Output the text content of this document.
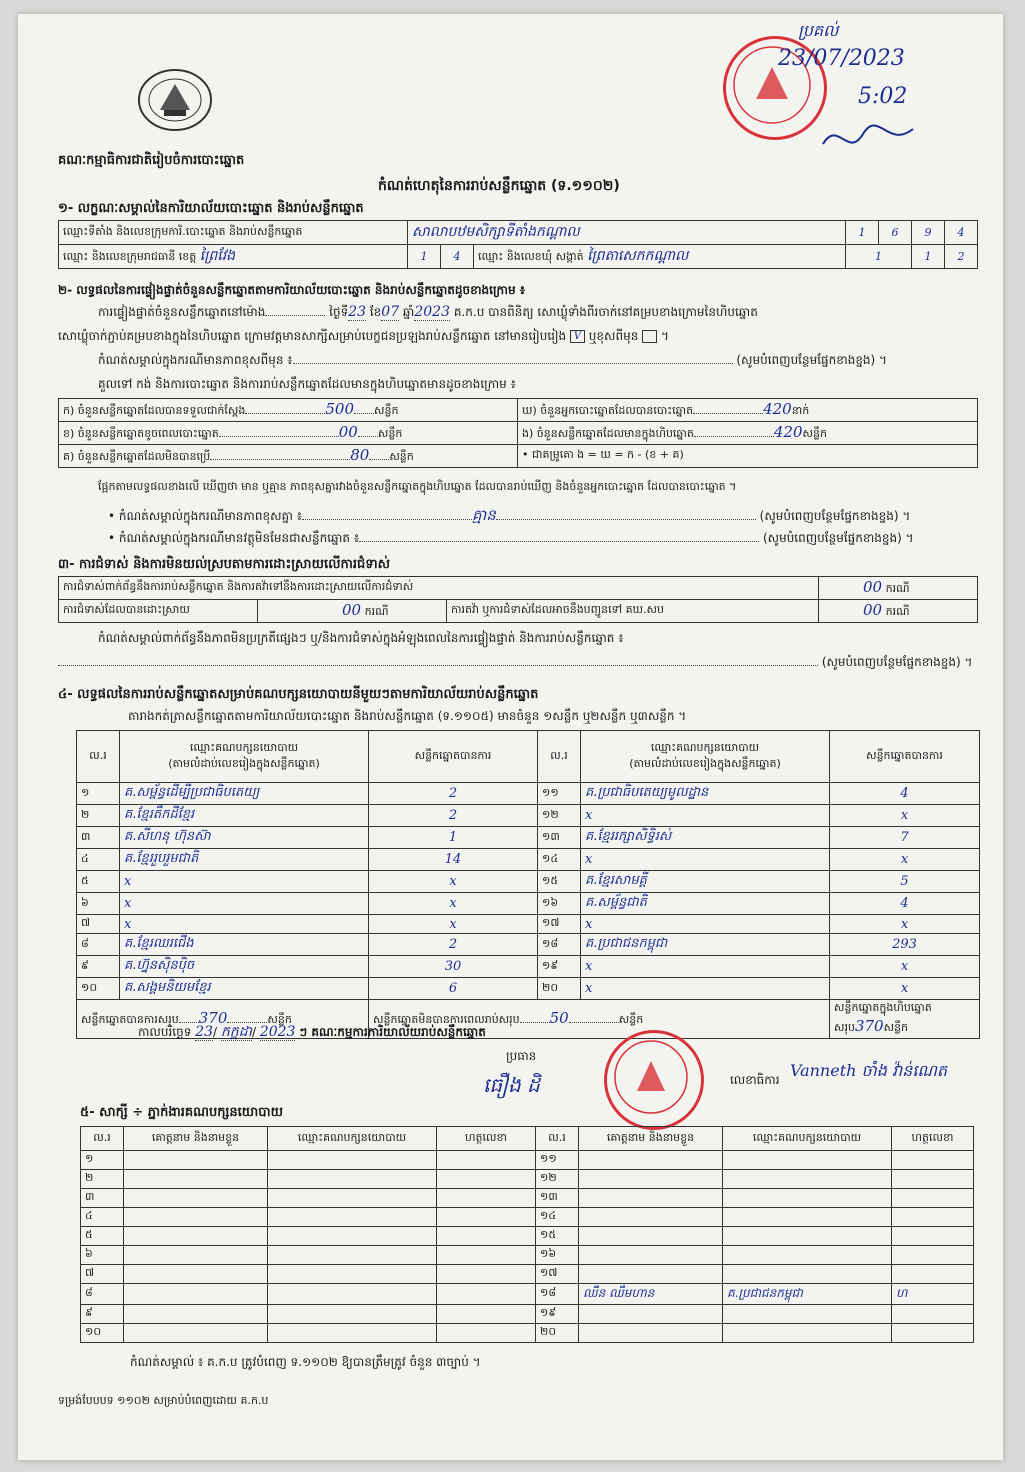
គណៈកម្មាធិការជាតិរៀបចំការបោះឆ្នោត
កំណត់ហេតុនៃការរាប់សន្លឹកឆ្នោត (ទ.១១០២)
ប្រគល់
23/07/2023
5:02
១- លក្ខណៈសម្គាល់នៃការិយាល័យបោះឆ្នោត និងរាប់សន្លឹកឆ្នោត
ឈ្មោះទីតាំង និងលេខក្រុមការិ.បោះឆ្នោត និងរាប់សន្លឹកឆ្នោត	សាលាបឋមសិក្សាទីតាំងកណ្តាល			1	6	9	4
ឈ្មោះ និងលេខក្រុមរាជធានី ខេត្ត ព្រៃវែង	1	4	ឈ្មោះ និងលេខឃុំ សង្កាត់ ព្រៃតាសេកកណ្តាល	1		1	2
២- លទ្ធផលនៃការផ្ទៀងផ្ទាត់ចំនួនសន្លឹកឆ្នោតតាមការិយាល័យបោះឆ្នោត និងរាប់សន្លឹកឆ្នោតដូចខាងក្រោម ៖
ការផ្ទៀងផ្ទាត់ចំនួនសន្លឹកឆ្នោតនៅម៉ោង	ថ្ងៃទី23 ខែ07 ឆ្នាំ2023 គ.ក.ប បានពិនិត្យ សោឃ្លុំទាំងពីរចាក់នៅគម្របខាងក្រោមនៃហិបឆ្នោត
សោឃ្លុំចាក់ភ្ជាប់គម្របខាងក្នុងនៃហិបឆ្នោត ក្រោមវត្តមានសាក្សីសម្រាប់បេក្ខជនប្រឡងរាប់សន្លឹកឆ្នោត នៅមានរៀបរៀង V ឬខុសពីមុន  ។
កំណត់សម្គាល់ក្នុងករណីមានភាពខុសពីមុន ៖	(សូមបំពេញបន្ថែមផ្នែកខាងខ្នង) ។
គួលទៅ កង់ និងការបោះឆ្នោត និងការរាប់សន្លឹកឆ្នោតដែលមានក្នុងហិបឆ្នោតមានដូចខាងក្រោម ៖
ក) ចំនួនសន្លឹកឆ្នោតដែលបានទទួលជាក់ស្តែង 500 សន្លឹក	ឃ) ចំនួនអ្នកបោះឆ្នោតដែលបានបោះឆ្នោត 420នាក់
ខ) ចំនួនសន្លឹកឆ្នោតខូចពេលបោះឆ្នោត 00 សន្លឹក	ង) ចំនួនសន្លឹកឆ្នោតដែលមានក្នុងហិបឆ្នោត 420សន្លឹក
គ) ចំនួនសន្លឹកឆ្នោតដែលមិនបានប្រើ 80 សន្លឹក	• ជាគម្រូគោ ង = ឃ = ក - (ខ + គ)
ផ្អែកតាមលទ្ធផលខាងលើ ឃើញថា មាន ឬគ្មាន ភាពខុសគ្នារវាងចំនួនសន្លឹកឆ្នោតក្នុងហិបឆ្នោត ដែលបានរាប់ឃើញ និងចំនួនអ្នកបោះឆ្នោត ដែលបានបោះឆ្នោត ។
• កំណត់សម្គាល់ក្នុងករណីមានភាពខុសគ្នា ៖	គ្មាន	(សូមបំពេញបន្ថែមផ្នែកខាងខ្នង) ។
• កំណត់សម្គាល់ក្នុងករណីមានវត្ថុមិនមែនជាសន្លឹកឆ្នោត ៖	(សូមបំពេញបន្ថែមផ្នែកខាងខ្នង) ។
៣- ការជំទាស់ និងការមិនយល់ស្របតាមការដោះស្រាយលើការជំទាស់
ការជំទាស់ពាក់ព័ន្ធនឹងការរាប់សន្លឹកឆ្នោត និងការតវ៉ាទៅនឹងការដោះស្រាយលើការជំទាស់			00 ករណី
ការជំទាស់ដែលបានដោះស្រាយ	00 ករណី	ការតវ៉ា ឬការជំទាស់ដែលអាចនឹងបញ្ជូនទៅ គឃ.សប	00 ករណី
កំណត់សម្គាល់ពាក់ព័ន្ធនឹងភាពមិនប្រក្រតីផ្សេងៗ ឬ/និងការជំទាស់ក្នុងអំឡុងពេលនៃការផ្ទៀងផ្ទាត់ និងការរាប់សន្លឹកឆ្នោត ៖
(សូមបំពេញបន្ថែមផ្នែកខាងខ្នង) ។
៤- លទ្ធផលនៃការរាប់សន្លឹកឆ្នោតសម្រាប់គណបក្សនយោបាយនីមួយៗតាមការិយាល័យរាប់សន្លឹកឆ្នោត
តារាងកត់ត្រាសន្លឹកឆ្នោតតាមការិយាល័យបោះឆ្នោត និងរាប់សន្លឹកឆ្នោត (ទ.១១០៥) មានចំនួន ១សន្លឹក ឬ២សន្លឹក ឬ៣សន្លឹក ។
ល.រ	ឈ្មោះគណបក្សនយោបាយ
(តាមលំដាប់លេខរៀងក្នុងសន្លឹកឆ្នោត)	សន្លឹកឆ្នោតបានការ	ល.រ	ឈ្មោះគណបក្សនយោបាយ
(តាមលំដាប់លេខរៀងក្នុងសន្លឹកឆ្នោត)	សន្លឹកឆ្នោតបានការ
១	គ.សម្ព័ន្ធដើម្បីប្រជាធិបតេយ្យ	2	១១	គ.ប្រជាធិបតេយ្យមូលដ្ឋាន	4
២	គ.ខ្មែរតឹកដីខ្មែរ	2	១២	x	x
៣	គ.សីហនុ ហ៊ុនស៊ា	1	១៣	គ.ខ្មែររក្សាសិទ្ធិរស់	7
៤	គ.ខ្មែររួបរួមជាតិ	14	១៤	x	x
៥	x	x	១៥	គ.ខ្មែរសាមគ្គី	5
៦	x	x	១៦	គ.សម្ព័ន្ធជាតិ	4
៧	x	x	១៧	x	x
៨	គ.ខ្មែរឈរជើង	2	១៨	គ.ប្រជាជនកម្ពុជា	293
៩	គ.ហ្វ៊ុនស៊ិនប៉ិច	30	១៩	x	x
១០	គ.សង្គមនិយមខ្មែរ	6	២០	x	x
សន្លឹកឆ្នោតបានការសរុប 370 សន្លឹក		សន្លឹកឆ្នោតមិនបានការពេលរាប់សរុប 50 សន្លឹក			សន្លឹកឆ្នោតក្នុងហិបឆ្នោតសរុប370សន្លឹក
កាលបរិច្ឆេទ 23/ កក្កដា/ 2023 ៗ គណៈកម្មការការិយាល័យរាប់សន្លឹកឆ្នោត
ប្រធាន
ធឿង ដិ	លេខាធិការ Vanneth ចាំង វ៉ាន់ណេត
៥- សាក្សី ÷ ភ្នាក់ងារគណបក្សនយោបាយ
ល.រ	គោត្តនាម និងនាមខ្លួន	ឈ្មោះគណបក្សនយោបាយ	ហត្ថលេខា	ល.រ	គោត្តនាម និងនាមខ្លួន	ឈ្មោះគណបក្សនយោបាយ	ហត្ថលេខា
១				១១			
២				១២			
៣				១៣			
៤				១៤			
៥				១៥			
៦				១៦			
៧				១៧			
៨				១៨	ឈឺន ឈឹមហាន	គ.ប្រជាជនកម្ពុជា	ហ
៩				១៩			
១០				២០			
កំណត់សម្គាល់ ៖ គ.ក.ប ត្រូវបំពេញ ទ.១១០២ ឱ្យបានត្រឹមត្រូវ ចំនួន ៣ច្បាប់ ។
ទម្រង់បែបបទ ១១០២ សម្រាប់បំពេញដោយ គ.ក.ប
